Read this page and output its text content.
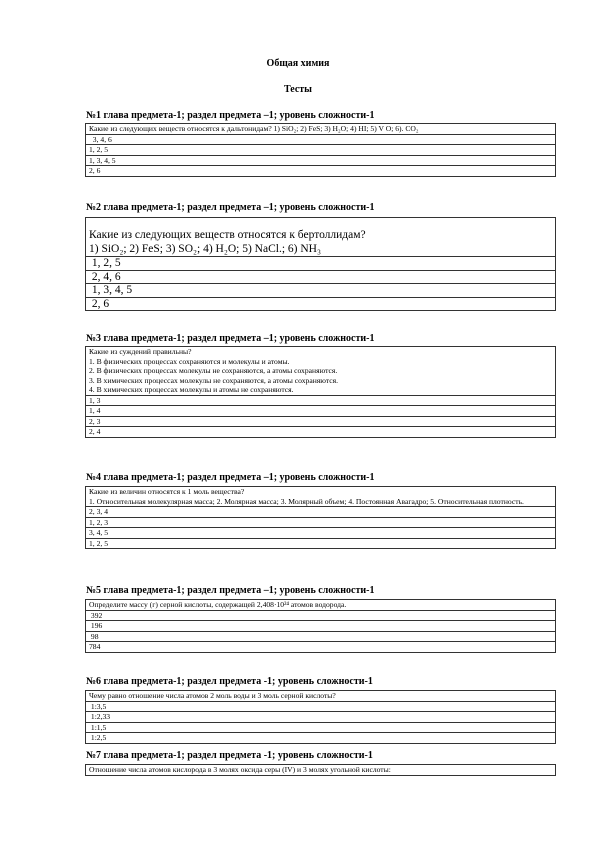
Общая химия
Тесты
№1 глава предмета-1; раздел предмета –1; уровень сложности-1
Какие из следующих веществ относятся к дальтонидам? 1) SiO₂; 2) FeS; 3) H₂O; 4) HI; 5) V O; 6). CO₂
3, 4, 6
1, 2, 5
1, 3, 4, 5
2, 6
№2 глава предмета-1; раздел предмета –1; уровень сложности-1
Какие из следующих веществ относятся к бертоллидам?
1) SiO₂; 2) FeS; 3) SO₂; 4) H₂O; 5) NaCl.; 6) NH₃

1, 2, 5
2, 4, 6
1, 3, 4, 5
2, 6
№3 глава предмета-1; раздел предмета –1; уровень сложности-1
Какие из суждений правильны?
1. В физических процессах сохраняются и молекулы и атомы.
2. В физических процессах молекулы не сохраняются, а атомы сохраняются.
3. В химических процессах молекулы не сохраняются, а атомы сохраняются.
4. В химических процессах молекулы и атомы не сохраняются.

1, 3
1, 4
2, 3
2, 4
№4 глава предмета-1; раздел предмета –1; уровень сложности-1
Какие из величин относятся к 1 моль вещества?
1. Относительная молекулярная масса; 2. Молярная масса; 3. Молярный объем; 4. Постоянная Авагадро; 5. Относительная плотность.

2, 3, 4
1, 2, 3
3, 4, 5
1, 2, 5
№5 глава предмета-1; раздел предмета –1; уровень сложности-1
Определите массу (г) серной кислоты, содержащей 2,408·10²⁴ атомов водорода.
392
196
98
784
№6 глава предмета-1; раздел предмета -1; уровень сложности-1
Чему равно отношение числа атомов 2 моль воды и 3 моль серной кислоты?
1:3,5
1:2,33
1:1,5
1:2,5
№7 глава предмета-1; раздел предмета -1; уровень сложности-1
Отношение числа атомов кислорода в 3 молях оксида серы (IV) и 3 молях угольной кислоты:
